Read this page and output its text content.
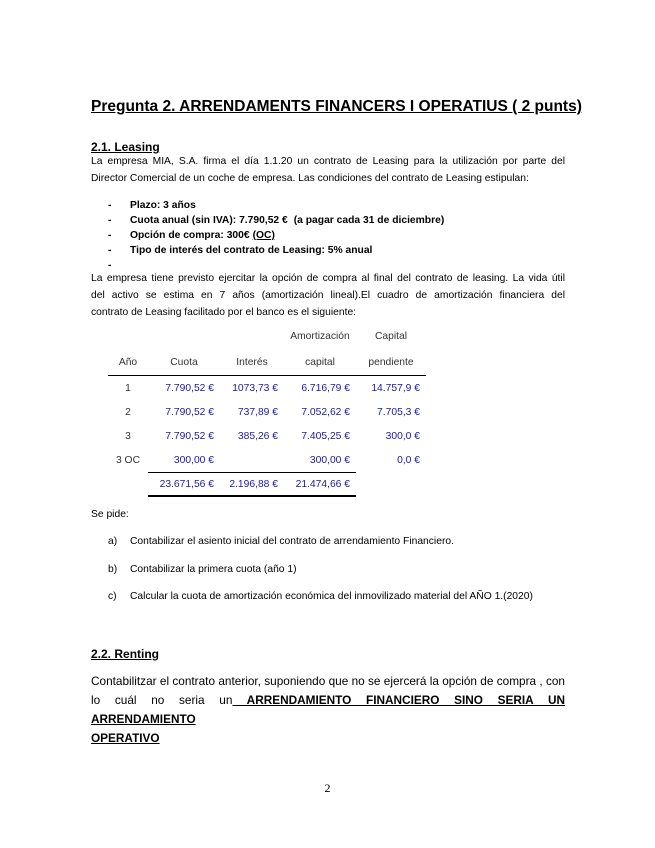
Pregunta 2. ARRENDAMENTS FINANCERS I OPERATIUS ( 2 punts)
2.1. Leasing
La empresa MIA, S.A. firma el día 1.1.20 un contrato de Leasing para la utilización por parte del
Director Comercial de un coche de empresa. Las condiciones del contrato de Leasing estipulan:
-	Plazo: 3 años
-	Cuota anual (sin IVA): 7.790,52 € (a pagar cada 31 de diciembre)
-	Opción de compra: 300€ (OC)
-	Tipo de interés del contrato de Leasing: 5% anual
-
La empresa tiene previsto ejercitar la opción de compra al final del contrato de leasing. La vida útil
del activo se estima en 7 años (amortización lineal).El cuadro de amortización financiera del
contrato de Leasing facilitado por el banco es el siguiente:
			Amortización	Capital
Año	Cuota	Interés	capital	pendiente
1	7.790,52 €	1073,73 €	6.716,79 €	14.757,9 €
2	7.790,52 €	737,89 €	7.052,62 €	7.705,3 €
3	7.790,52 €	385,26 €	7.405,25 €	300,0 €
3 OC	300,00 €		300,00 €	0,0 €
	23.671,56 €	2.196,88 €	21.474,66 €	
Se pide:
a)	Contabilizar el asiento inicial del contrato de arrendamiento Financiero.
b)	Contabilizar la primera cuota (año 1)
c)	Calcular la cuota de amortización económica del inmovilizado material del AÑO 1.(2020)
2.2. Renting
Contabilitzar el contrato anterior, suponiendo que no se ejercerá la opción de compra , con
lo cuál no seria un ARRENDAMIENTO FINANCIERO SINO SERIA UN ARRENDAMIENTO
OPERATIVO
2
